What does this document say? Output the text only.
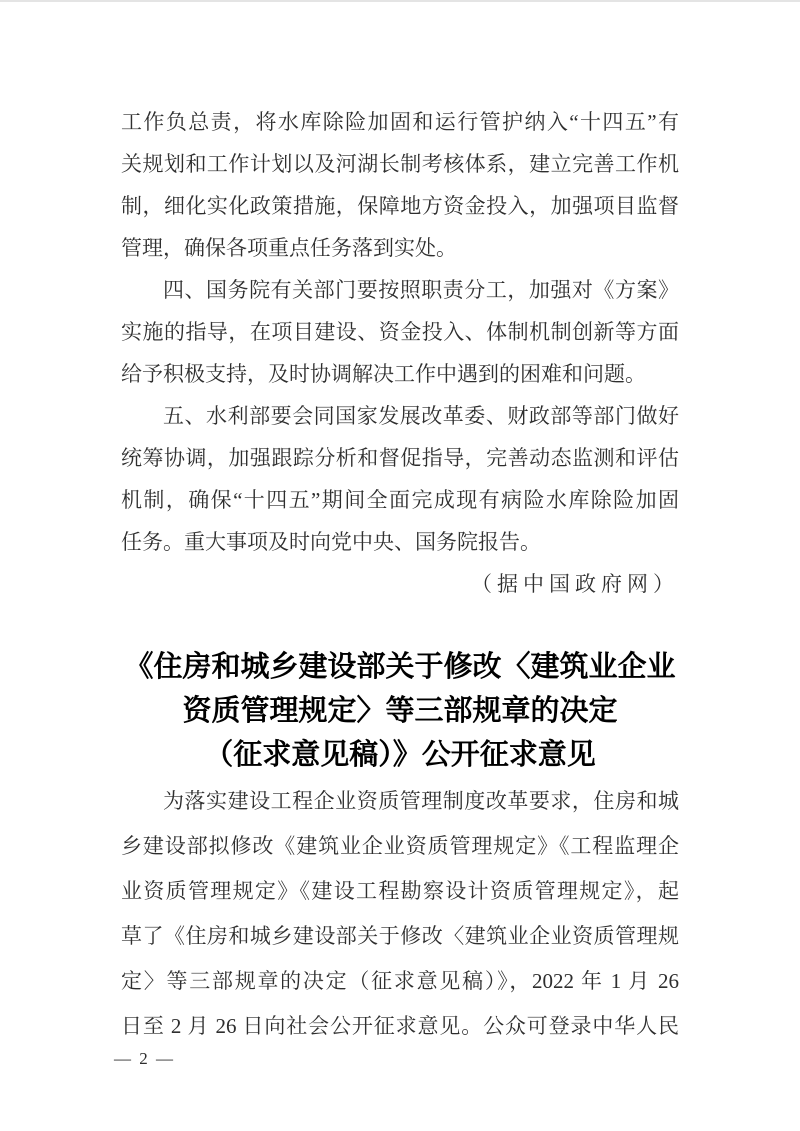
工作负总责，将水库除险加固和运行管护纳入“十四五”有
关规划和工作计划以及河湖长制考核体系，建立完善工作机
制，细化实化政策措施，保障地方资金投入，加强项目监督
管理，确保各项重点任务落到实处。
四、国务院有关部门要按照职责分工，加强对《方案》
实施的指导，在项目建设、资金投入、体制机制创新等方面
给予积极支持，及时协调解决工作中遇到的困难和问题。
五、水利部要会同国家发展改革委、财政部等部门做好
统筹协调，加强跟踪分析和督促指导，完善动态监测和评估
机制，确保“十四五”期间全面完成现有病险水库除险加固
任务。重大事项及时向党中央、国务院报告。
（据中国政府网）
《住房和城乡建设部关于修改〈建筑业企业
资质管理规定〉等三部规章的决定
（征求意见稿）》公开征求意见
为落实建设工程企业资质管理制度改革要求，住房和城
乡建设部拟修改《建筑业企业资质管理规定》《工程监理企
业资质管理规定》《建设工程勘察设计资质管理规定》，起
草了《住房和城乡建设部关于修改〈建筑业企业资质管理规
定〉等三部规章的决定（征求意见稿）》，2022 年 1 月 26
日至 2 月 26 日向社会公开征求意见。公众可登录中华人民
— 2 —
